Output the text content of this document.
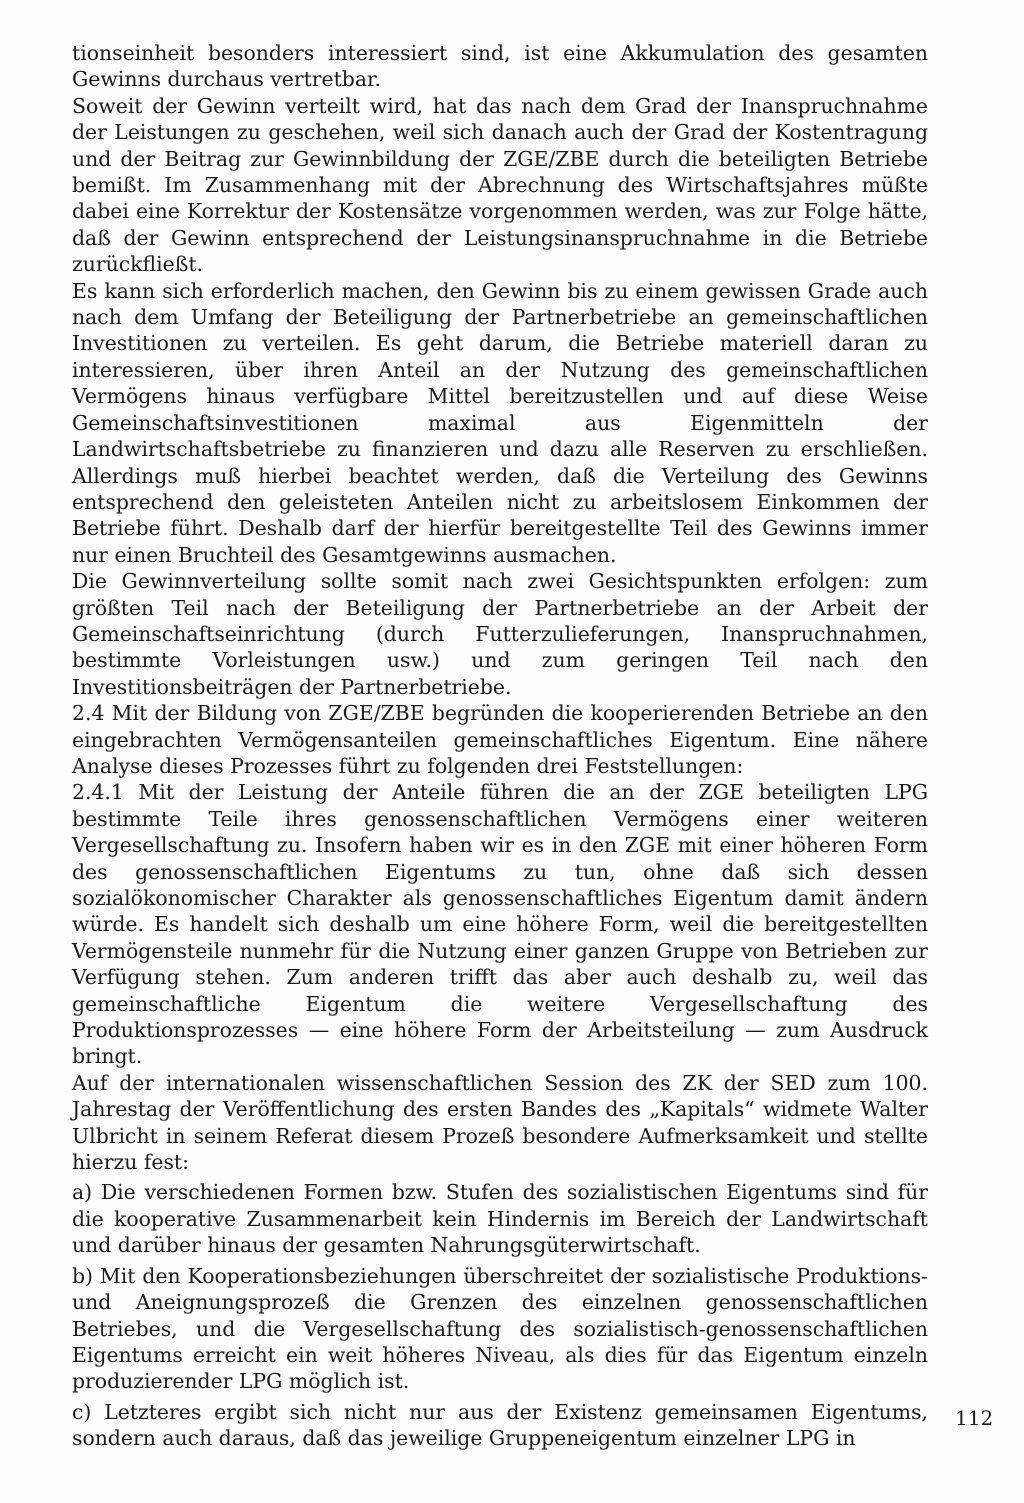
tionseinheit besonders interessiert sind, ist eine Akkumulation des gesamten Gewinns durchaus vertretbar.

Soweit der Gewinn verteilt wird, hat das nach dem Grad der Inanspruchnahme der Leistungen zu geschehen, weil sich danach auch der Grad der Kostentragung und der Beitrag zur Gewinnbildung der ZGE/ZBE durch die beteiligten Betriebe bemißt. Im Zusammenhang mit der Abrechnung des Wirtschaftsjahres müßte dabei eine Korrektur der Kostensätze vorgenommen werden, was zur Folge hätte, daß der Gewinn entsprechend der Leistungsinanspruchnahme in die Betriebe zurückfließt.

Es kann sich erforderlich machen, den Gewinn bis zu einem gewissen Grade auch nach dem Umfang der Beteiligung der Partnerbetriebe an gemeinschaftlichen Investitionen zu verteilen. Es geht darum, die Betriebe materiell daran zu interessieren, über ihren Anteil an der Nutzung des gemeinschaftlichen Vermögens hinaus verfügbare Mittel bereitzustellen und auf diese Weise Gemeinschaftsinvestitionen maximal aus Eigenmitteln der Landwirtschaftsbetriebe zu finanzieren und dazu alle Reserven zu erschließen. Allerdings muß hierbei beachtet werden, daß die Verteilung des Gewinns entsprechend den geleisteten Anteilen nicht zu arbeitslosem Einkommen der Betriebe führt. Deshalb darf der hierfür bereitgestellte Teil des Gewinns immer nur einen Bruchteil des Gesamtgewinns ausmachen.

Die Gewinnverteilung sollte somit nach zwei Gesichtspunkten erfolgen: zum größten Teil nach der Beteiligung der Partnerbetriebe an der Arbeit der Gemeinschaftseinrichtung (durch Futterzulieferungen, Inanspruchnahmen, bestimmte Vorleistungen usw.) und zum geringen Teil nach den Investitionsbeiträgen der Partnerbetriebe.

2.4 Mit der Bildung von ZGE/ZBE begründen die kooperierenden Betriebe an den eingebrachten Vermögensanteilen gemeinschaftliches Eigentum. Eine nähere Analyse dieses Prozesses führt zu folgenden drei Feststellungen:

2.4.1 Mit der Leistung der Anteile führen die an der ZGE beteiligten LPG bestimmte Teile ihres genossenschaftlichen Vermögens einer weiteren Vergesellschaftung zu. Insofern haben wir es in den ZGE mit einer höheren Form des genossenschaftlichen Eigentums zu tun, ohne daß sich dessen sozialökonomischer Charakter als genossenschaftliches Eigentum damit ändern würde. Es handelt sich deshalb um eine höhere Form, weil die bereitgestellten Vermögensteile nunmehr für die Nutzung einer ganzen Gruppe von Betrieben zur Verfügung stehen. Zum anderen trifft das aber auch deshalb zu, weil das gemeinschaftliche Eigentum die weitere Vergesellschaftung des Produktionsprozesses — eine höhere Form der Arbeitsteilung — zum Ausdruck bringt.

Auf der internationalen wissenschaftlichen Session des ZK der SED zum 100. Jahrestag der Veröffentlichung des ersten Bandes des „Kapitals“ widmete Walter Ulbricht in seinem Referat diesem Prozeß besondere Aufmerksamkeit und stellte hierzu fest:

a) Die verschiedenen Formen bzw. Stufen des sozialistischen Eigentums sind für die kooperative Zusammenarbeit kein Hindernis im Bereich der Landwirtschaft und darüber hinaus der gesamten Nahrungsgüterwirtschaft.

b) Mit den Kooperationsbeziehungen überschreitet der sozialistische Produktions- und Aneignungsprozeß die Grenzen des einzelnen genossenschaftlichen Betriebes, und die Vergesellschaftung des sozialistisch-genossenschaftlichen Eigentums erreicht ein weit höheres Niveau, als dies für das Eigentum einzeln produzierender LPG möglich ist.

c) Letzteres ergibt sich nicht nur aus der Existenz gemeinsamen Eigentums, sondern auch daraus, daß das jeweilige Gruppeneigentum einzelner LPG in

112
